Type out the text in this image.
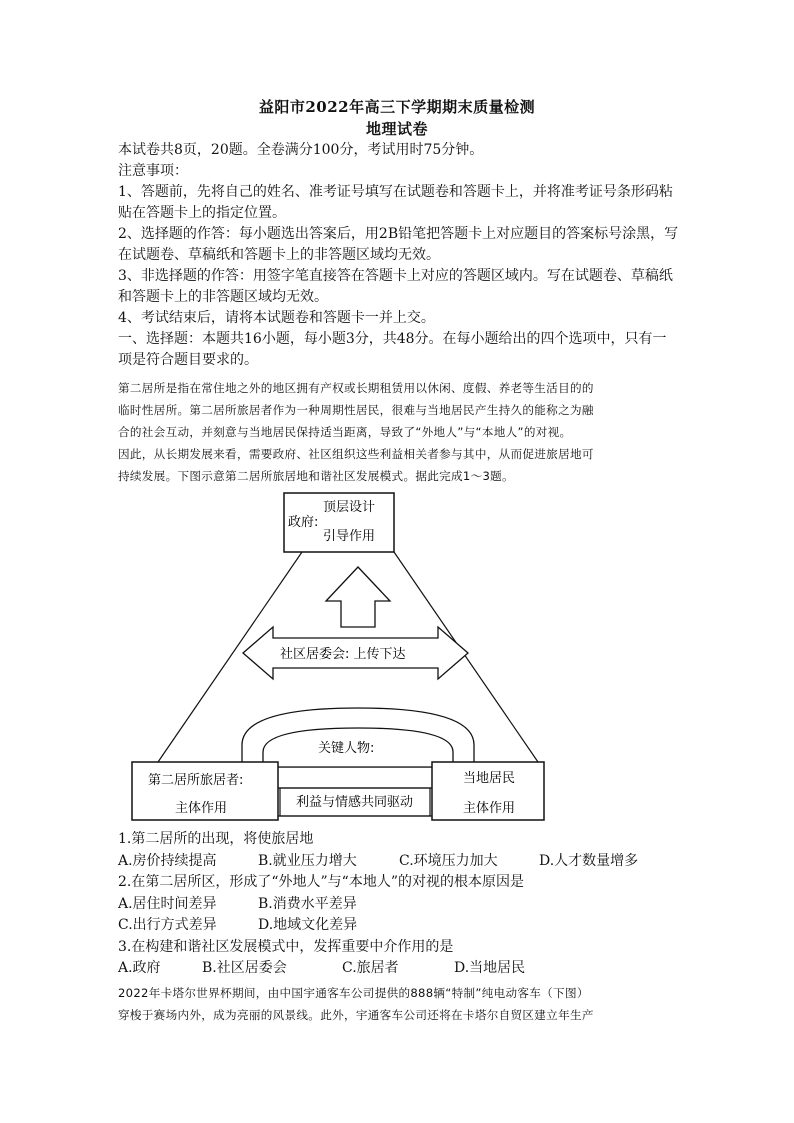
益阳市2022年高三下学期期末质量检测
地理试卷

本试卷共8页，20题。全卷满分100分，考试用时75分钟。

注意事项：

1、答题前，先将自己的姓名、准考证号填写在试题卷和答题卡上，并将准考证号条形码粘

贴在答题卡上的指定位置。

2、选择题的作答：每小题选出答案后，用2B铅笔把答题卡上对应题目的答案标号涂黑，写

在试题卷、草稿纸和答题卡上的非答题区域均无效。

3、非选择题的作答：用签字笔直接答在答题卡上对应的答题区域内。写在试题卷、草稿纸

和答题卡上的非答题区域均无效。

4、考试结束后，请将本试题卷和答题卡一并上交。

一、选择题：本题共16小题，每小题3分，共48分。在每小题给出的四个选项中，只有一

项是符合题目要求的。

第二居所是指在常住地之外的地区拥有产权或长期租赁用以休闲、度假、养老等生活目的的

临时性居所。第二居所旅居者作为一种周期性居民，很难与当地居民产生持久的能称之为融

合的社会互动，并刻意与当地居民保持适当距离，导致了“外地人”与“本地人”的对视。

因此，从长期发展来看，需要政府、社区组织这些利益相关者参与其中，从而促进旅居地可

持续发展。下图示意第二居所旅居地和谐社区发展模式。据此完成1～3题。

政府:
顶层设计
引导作用
社区居委会: 上传下达
关键人物:
利益与情感共同驱动
第二居所旅居者:
主体作用
当地居民
主体作用

1.第二居所的出现，将使旅居地

A.房价持续提高	B.就业压力增大	C.环境压力加大	D.人才数量增多

2.在第二居所区，形成了“外地人”与“本地人”的对视的根本原因是

A.居住时间差异	B.消费水平差异
C.出行方式差异	D.地域文化差异

3.在构建和谐社区发展模式中，发挥重要中介作用的是

A.政府	B.社区居委会	C.旅居者	D.当地居民

2022年卡塔尔世界杯期间，由中国宇通客车公司提供的888辆“特制”纯电动客车（下图）

穿梭于赛场内外，成为亮丽的风景线。此外，宇通客车公司还将在卡塔尔自贸区建立年生产
